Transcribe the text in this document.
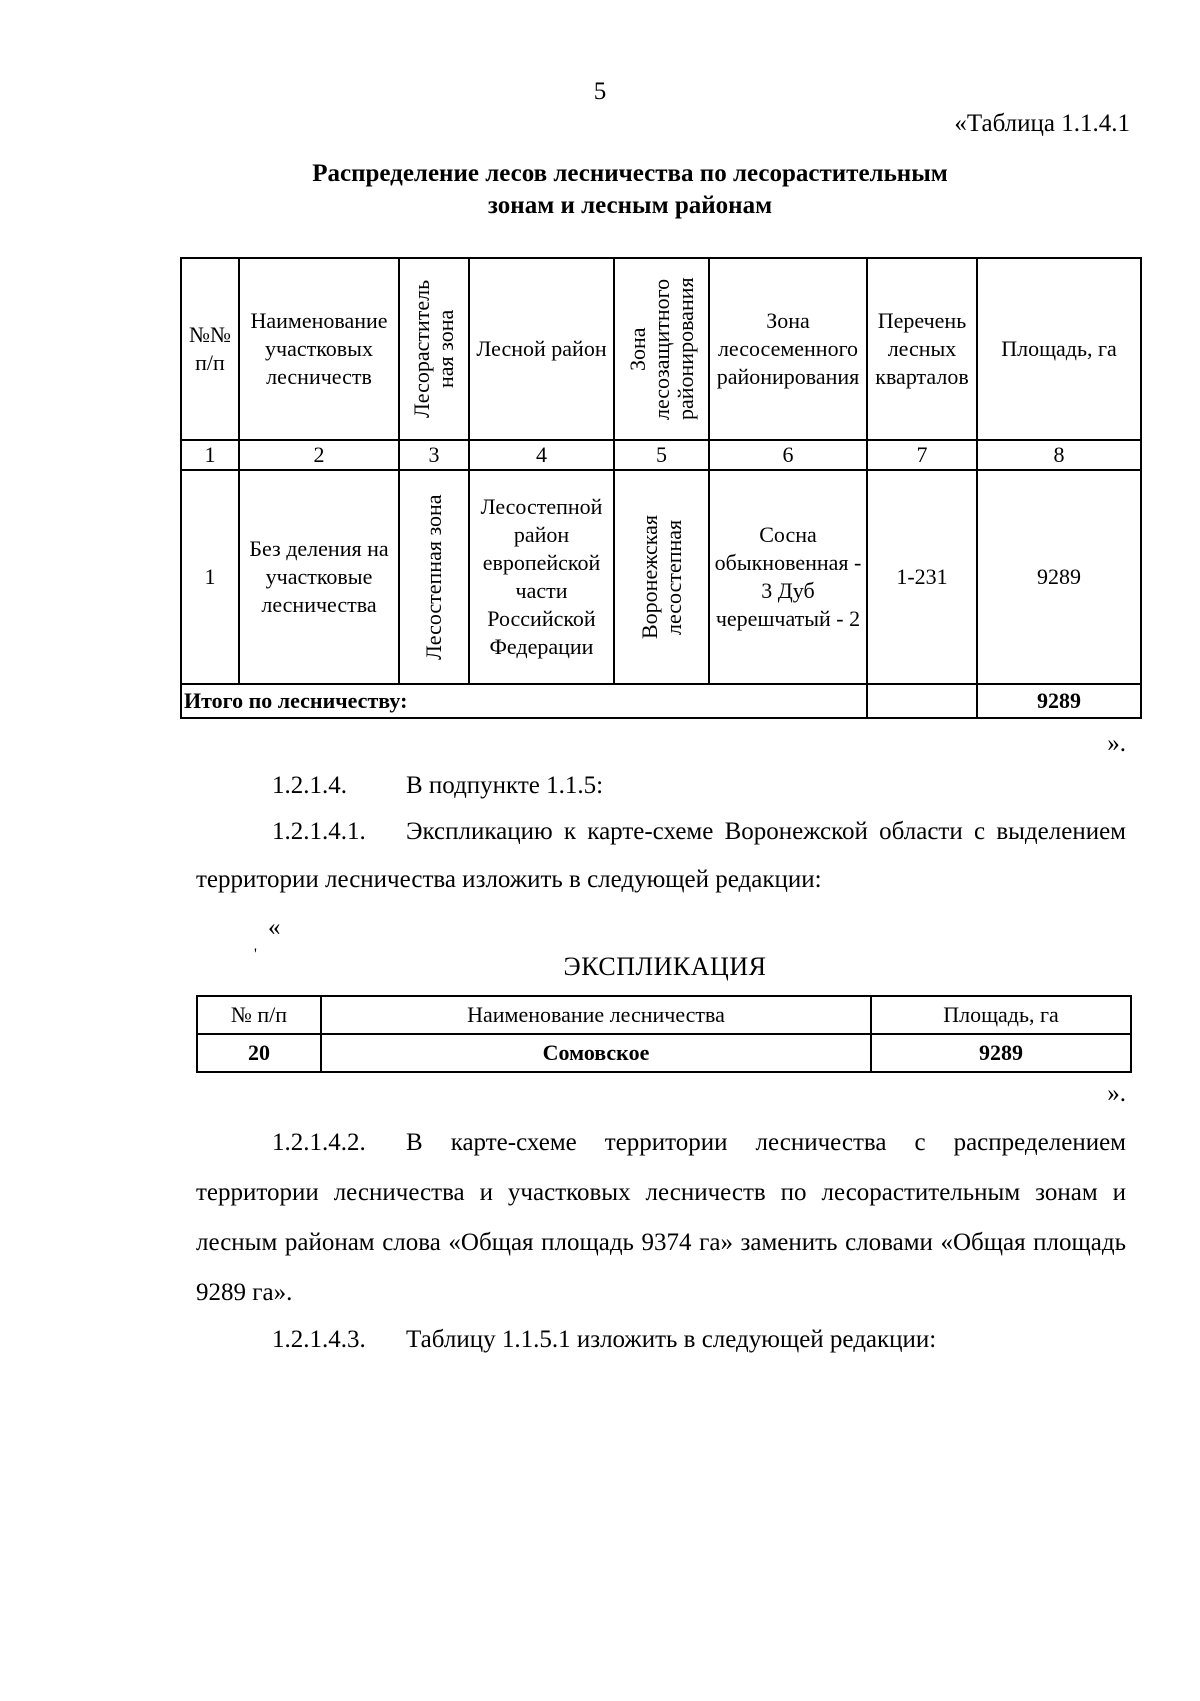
5
«Таблица 1.1.4.1
Распределение лесов лесничества по лесорастительным
зонам и лесным районам
№№ п/п	Наименование участковых лесничеств	Лесораститель ная зона	Лесной район	Зона лесозащитного районирования	Зона лесосеменного районирования	Перечень лесных кварталов	Площадь, га
1	2	3	4	5	6	7	8
1	Без деления на участковые лесничества	Лесостепная зона	Лесостепной район европейской части Российской Федерации	Воронежская лесостепная	Сосна обыкновенная - 3 Дуб черешчатый - 2	1-231	9289
Итого по лесничеству:							9289
».
1.2.1.4. В подпункте 1.1.5:
1.2.1.4.1. Экспликацию к карте-схеме Воронежской области с выделением территории лесничества изложить в следующей редакции:
«
'	ЭКСПЛИКАЦИЯ
№ п/п	Наименование лесничества	Площадь, га
20	Сомовское	9289
».
1.2.1.4.2. В карте-схеме территории лесничества с распределением территории лесничества и участковых лесничеств по лесорастительным зонам и лесным районам слова «Общая площадь 9374 га» заменить словами «Общая площадь 9289 га».
1.2.1.4.3. Таблицу 1.1.5.1 изложить в следующей редакции:
